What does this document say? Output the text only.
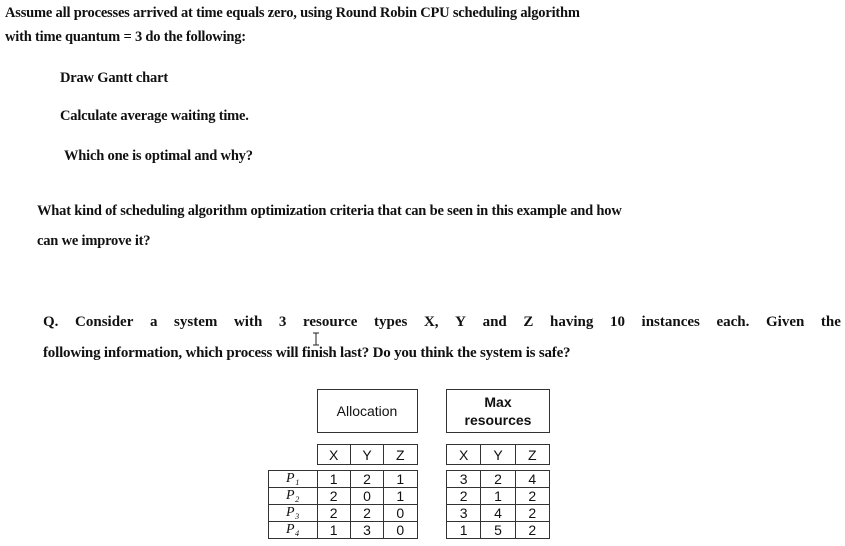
Assume all processes arrived at time equals zero, using Round Robin CPU scheduling algorithm
with time quantum = 3 do the following:
Draw Gantt chart
Calculate average waiting time.
Which one is optimal and why?
What kind of scheduling algorithm optimization criteria that can be seen in this example and how
can we improve it?
Q. Consider a system with 3 resource types X, Y and Z having 10 instances each. Given the
following information, which process will finish last? Do you think the system is safe?
	Allocation		

	X	Y	Z

P₁	1	2	1
P₂	2	0	1
P₃	2	2	0
P₄	1	3	0
Max
resources		

X	Y	Z

3	2	4
2	1	2
3	4	2
1	5	2
